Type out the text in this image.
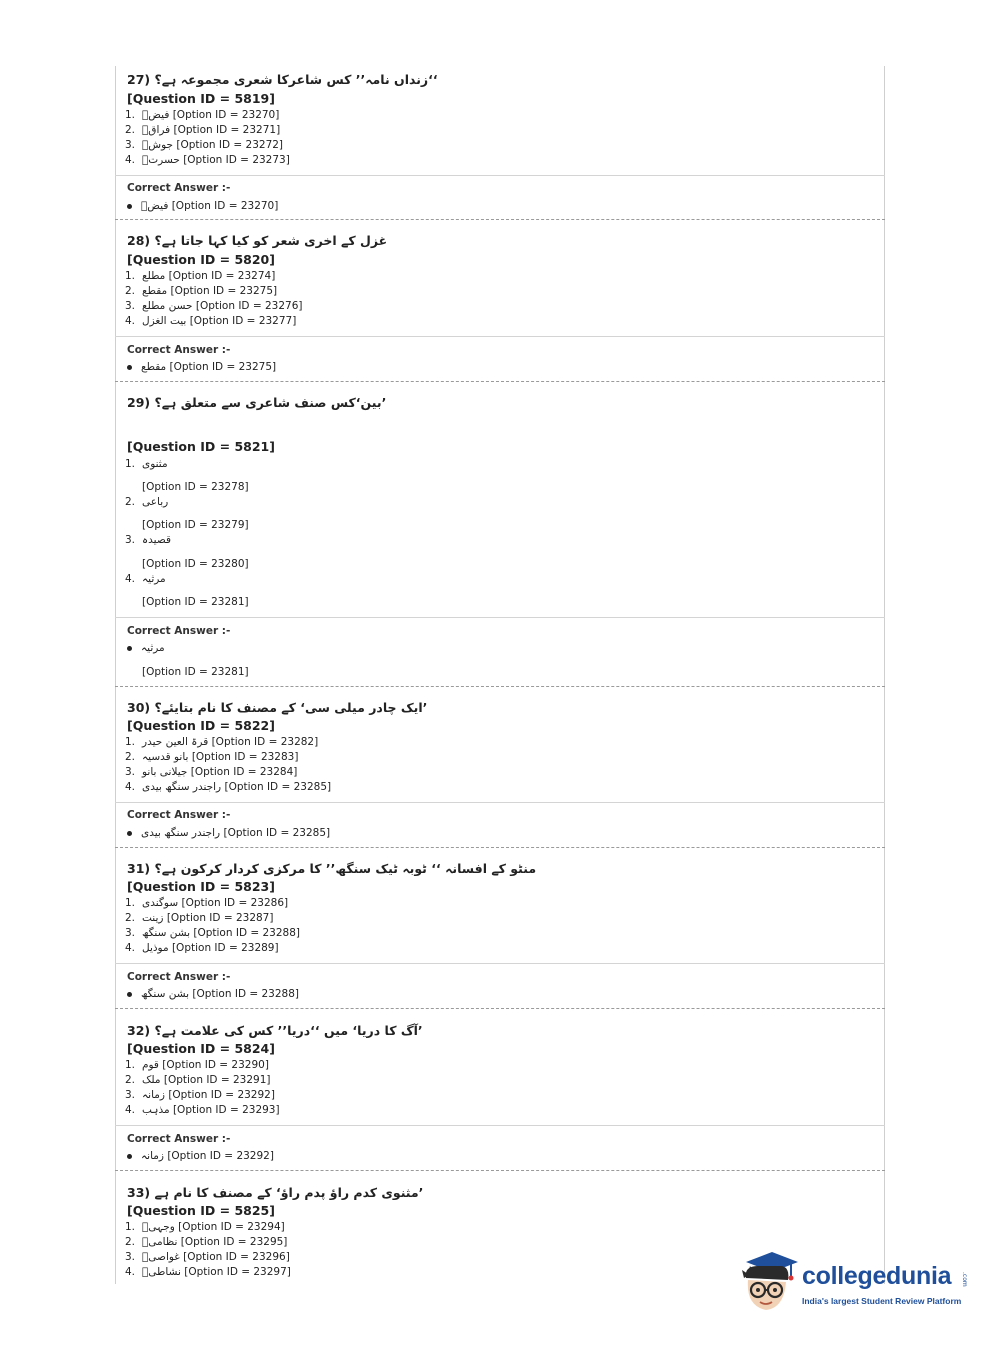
27) ‘‘زنداں نامہ’’ کس شاعرکا شعری مجموعہ ہے؟
[Question ID = 5819]
1. فیضؔ [Option ID = 23270]
2. فراقؔ [Option ID = 23271]
3. جوشؔ [Option ID = 23272]
4. حسرتؔ [Option ID = 23273]
Correct Answer :-
فیضؔ [Option ID = 23270]
28) غزل کے اخری شعر کو کیا کہا جاتا ہے؟
[Question ID = 5820]
1. مطلع [Option ID = 23274]
2. مقطع [Option ID = 23275]
3. حسن مطلع [Option ID = 23276]
4. بیت الغزل [Option ID = 23277]
Correct Answer :-
مقطع [Option ID = 23275]
29) ’بین‘کس صنف شاعری سے متعلق ہے؟
[Question ID = 5821]
1. مثنوی
[Option ID = 23278]
2. رباعی
[Option ID = 23279]
3. قصیدہ
[Option ID = 23280]
4. مرثیہ
[Option ID = 23281]
Correct Answer :-
مرثیہ
[Option ID = 23281]
30) ’ایک چادر میلی سی‘ کے مصنف کا نام بتایئے؟
[Question ID = 5822]
1. قرۃ العین حیدر [Option ID = 23282]
2. بانو قدسیہ [Option ID = 23283]
3. جیلانی بانو [Option ID = 23284]
4. راجندر سنگھ بیدی [Option ID = 23285]
Correct Answer :-
راجندر سنگھ بیدی [Option ID = 23285]
31) منٹو کے افسانہ ‘‘ ٹوبہ ٹیک سنگھ’’ کا مرکزی کردار کرکون ہے؟
[Question ID = 5823]
1. سوگندی [Option ID = 23286]
2. زینت [Option ID = 23287]
3. بشن سنگھ [Option ID = 23288]
4. موذیل [Option ID = 23289]
Correct Answer :-
بشن سنگھ [Option ID = 23288]
32) ’آگ کا دریا‘ میں ‘‘دریا’’ کس کی علامت ہے؟
[Question ID = 5824]
1. قوم [Option ID = 23290]
2. ملک [Option ID = 23291]
3. زمانہ [Option ID = 23292]
4. مذہب [Option ID = 23293]
Correct Answer :-
زمانہ [Option ID = 23292]
33) ’مثنوی کدم راؤ پدم راؤ‘ کے مصنف کا نام ہے
[Question ID = 5825]
1. وجہیؔ [Option ID = 23294]
2. نظامیؔ [Option ID = 23295]
3. غواصیؔ [Option ID = 23296]
4. نشاطیؔ [Option ID = 23297]	collegedunia .com
India's largest Student Review Platform
